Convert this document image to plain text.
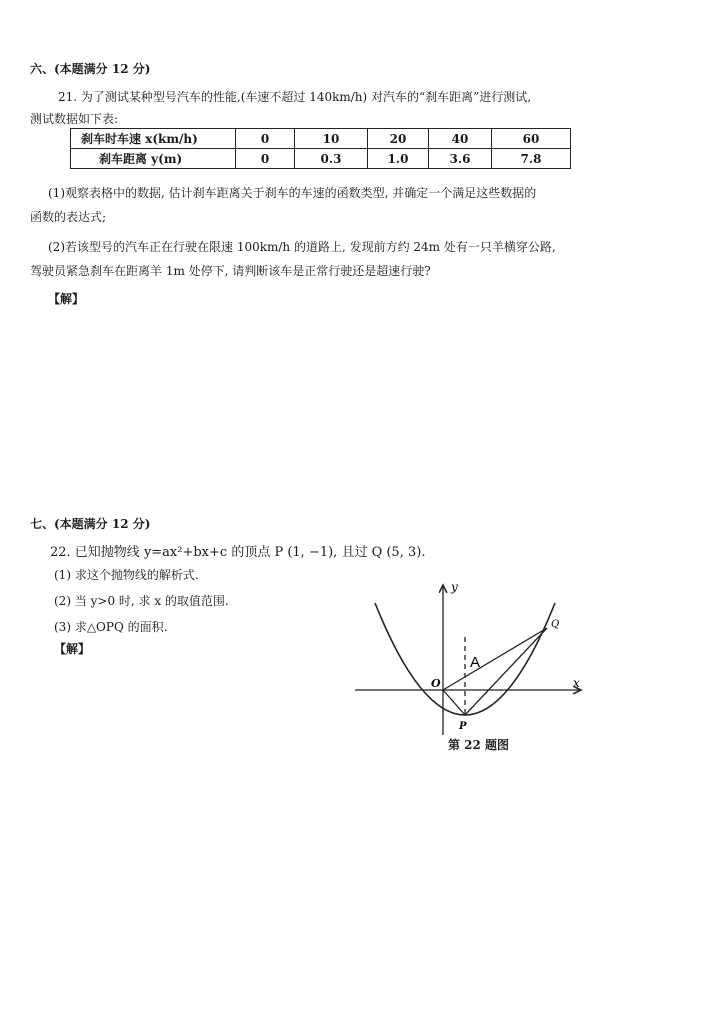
六、(本题满分 12 分)
21. 为了测试某种型号汽车的性能,(车速不超过 140km/h) 对汽车的“刹车距离”进行测试,
测试数据如下表:
刹车时车速 x(km/h)	0	10	20	40	60
刹车距离 y(m)	0	0.3	1.0	3.6	7.8
(1)观察表格中的数据, 估计刹车距离关于刹车的车速的函数类型, 并确定一个满足这些数据的
函数的表达式;
(2)若该型号的汽车正在行驶在限速 100km/h 的道路上, 发现前方约 24m 处有一只羊横穿公路,
驾驶员紧急刹车在距离羊 1m 处停下, 请判断该车是正常行驶还是超速行驶?
【解】
七、(本题满分 12 分)
22. 已知抛物线 y=ax²+bx+c 的顶点 P (1, −1), 且过 Q (5, 3).
(1) 求这个抛物线的解析式.
(2) 当 y>0 时, 求 x 的取值范围.
(3) 求△OPQ 的面积.
【解】
y
x
O
P
Q
A
第 22 题图
